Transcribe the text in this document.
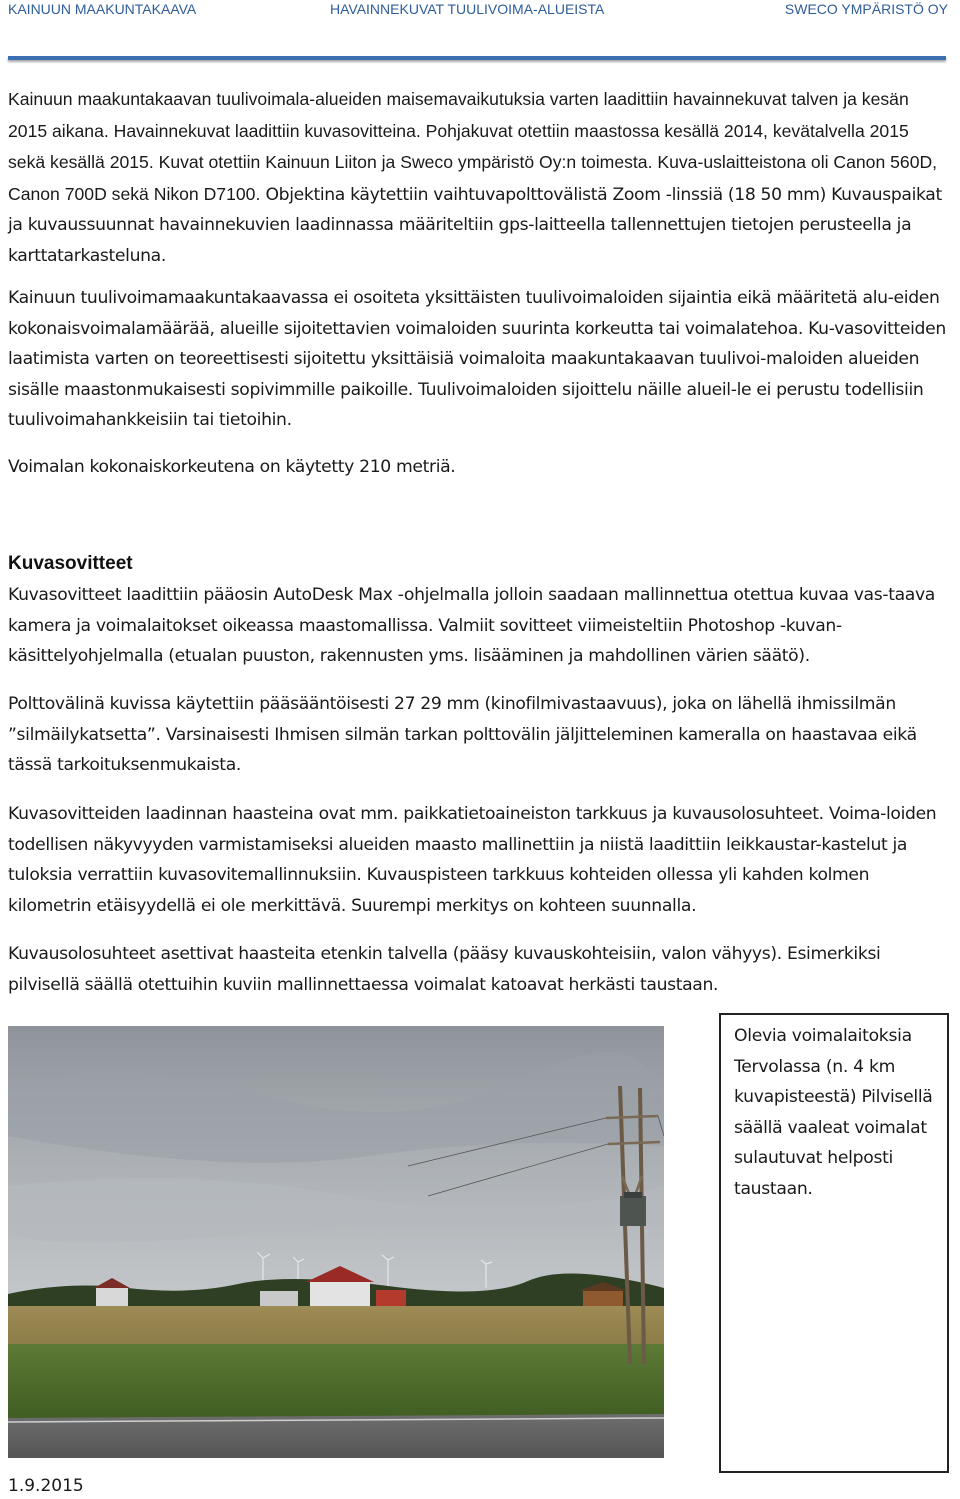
KAINUUN MAAKUNTAKAAVA	HAVAINNEKUVAT TUULIVOIMA-ALUEISTA	SWECO YMPÄRISTÖ OY

Kainuun maakuntakaavan tuulivoimala-alueiden maisemavaikutuksia varten laadittiin havainnekuvat talven ja kesän 2015 aikana. Havainnekuvat laadittiin kuvasovitteina. Pohjakuvat otettiin maastossa kesällä 2014, kevätalvella 2015 sekä kesällä 2015. Kuvat otettiin Kainuun Liiton ja Sweco ympäristö Oy:n toimesta. Kuva-uslaitteistona oli Canon 560D, Canon 700D sekä Nikon D7100. Objektina käytettiin vaihtuvapolttovälistä Zoom -linssiä (18 50 mm) Kuvauspaikat ja kuvaussuunnat havainnekuvien laadinnassa määriteltiin gps-laitteella tallennettujen tietojen perusteella ja karttatarkasteluna.

Kainuun tuulivoimamaakuntakaavassa ei osoiteta yksittäisten tuulivoimaloiden sijaintia eikä määritetä alu-eiden kokonaisvoimalamäärää, alueille sijoitettavien voimaloiden suurinta korkeutta tai voimalatehoa. Ku-vasovitteiden laatimista varten on teoreettisesti sijoitettu yksittäisiä voimaloita maakuntakaavan tuulivoi-maloiden alueiden sisälle maastonmukaisesti sopivimmille paikoille. Tuulivoimaloiden sijoittelu näille alueil-le ei perustu todellisiin tuulivoimahankkeisiin tai tietoihin.

Voimalan kokonaiskorkeutena on käytetty 210 metriä.

Kuvasovitteet

Kuvasovitteet laadittiin pääosin AutoDesk Max -ohjelmalla jolloin saadaan mallinnettua otettua kuvaa vas-taava kamera ja voimalaitokset oikeassa maastomallissa. Valmiit sovitteet viimeisteltiin Photoshop -kuvan-käsittelyohjelmalla (etualan puuston, rakennusten yms. lisääminen ja mahdollinen värien säätö).

Polttovälinä kuvissa käytettiin pääsääntöisesti 27 29 mm (kinofilmivastaavuus), joka on lähellä ihmissilmän ”silmäilykatsetta”. Varsinaisesti Ihmisen silmän tarkan polttovälin jäljitteleminen kameralla on haastavaa eikä tässä tarkoituksenmukaista.

Kuvasovitteiden laadinnan haasteina ovat mm. paikkatietoaineiston tarkkuus ja kuvausolosuhteet. Voima-loiden todellisen näkyvyyden varmistamiseksi alueiden maasto mallinettiin ja niistä laadittiin leikkaustar-kastelut ja tuloksia verrattiin kuvasovitemallinnuksiin. Kuvauspisteen tarkkuus kohteiden ollessa yli kahden kolmen kilometrin etäisyydellä ei ole merkittävä. Suurempi merkitys on kohteen suunnalla.

Kuvausolosuhteet asettivat haasteita etenkin talvella (pääsy kuvauskohteisiin, valon vähyys). Esimerkiksi pilvisellä säällä otettuihin kuviin mallinnettaessa voimalat katoavat herkästi taustaan.

Olevia voimalaitoksia Tervolassa (n. 4 km kuvapisteestä) Pilvisellä säällä vaaleat voimalat sulautuvat helposti taustaan.

1.9.2015
